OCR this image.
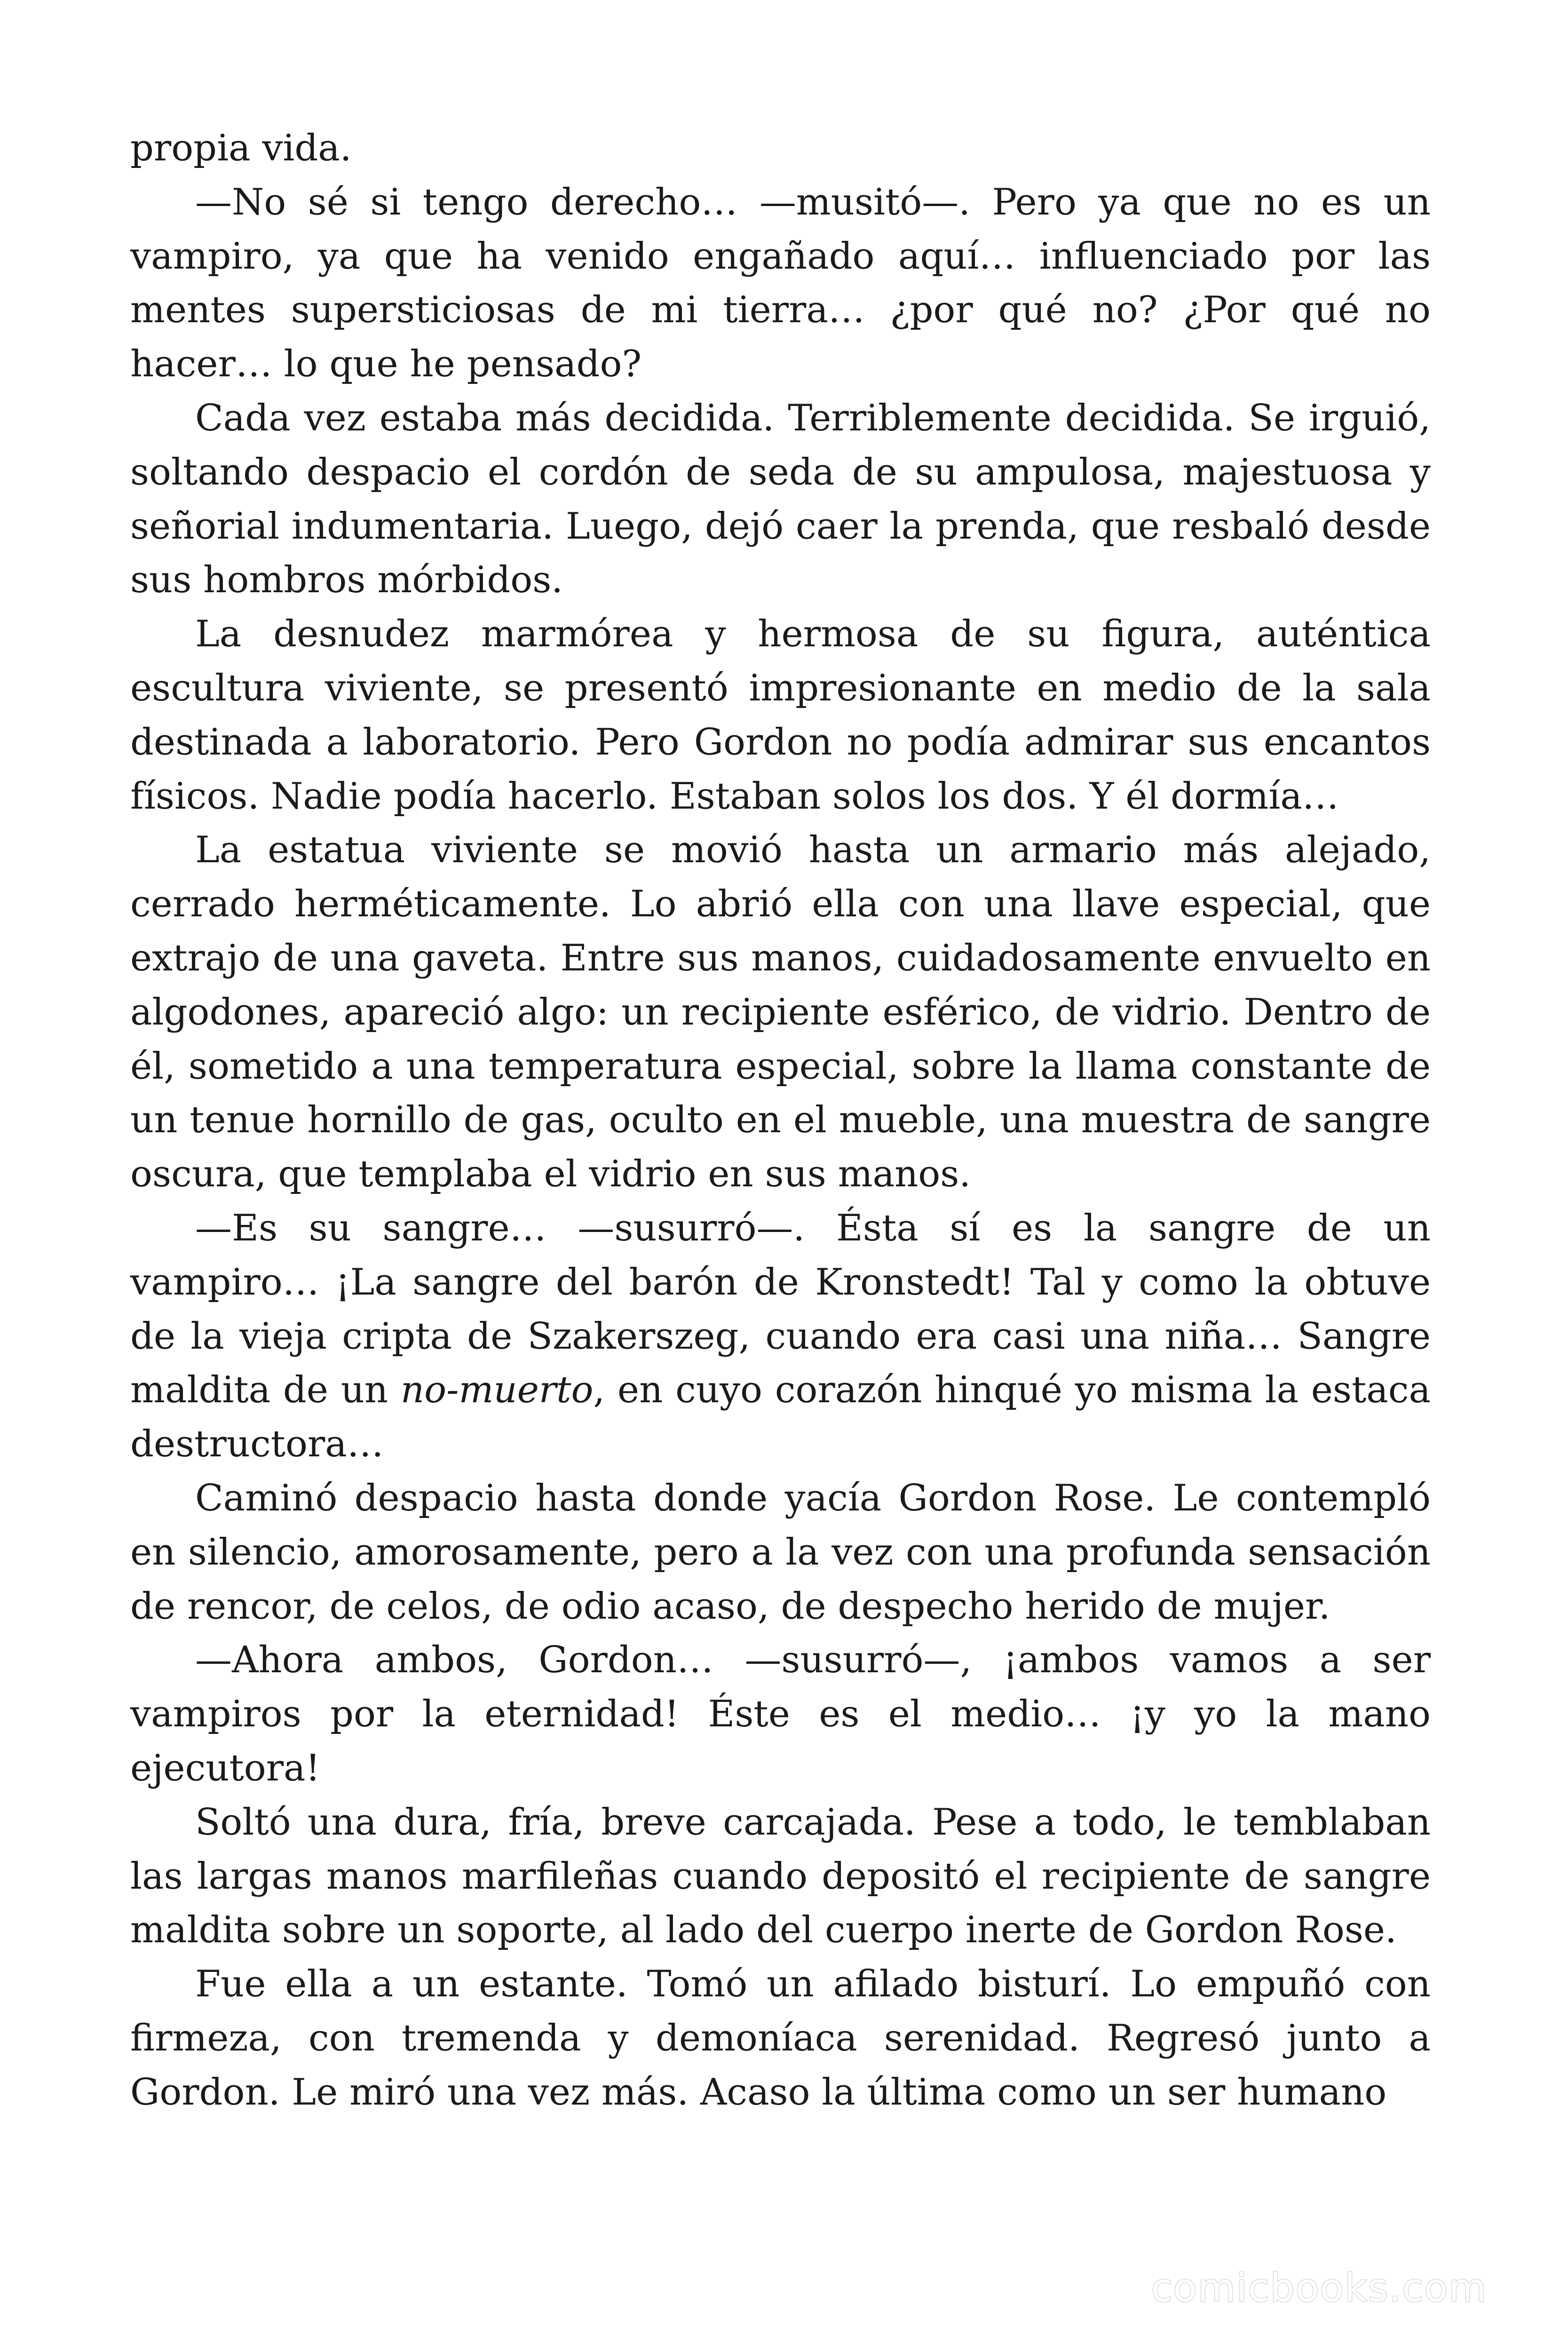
propia vida.

—No sé si tengo derecho… —musitó—. Pero ya que no es un vampiro, ya que ha venido engañado aquí… influenciado por las mentes supersticiosas de mi tierra… ¿por qué no? ¿Por qué no hacer… lo que he pensado?

Cada vez estaba más decidida. Terriblemente decidida. Se irguió, soltando despacio el cordón de seda de su ampulosa, majestuosa y señorial indumentaria. Luego, dejó caer la prenda, que resbaló desde sus hombros mórbidos.

La desnudez marmórea y hermosa de su figura, auténtica escultura viviente, se presentó impresionante en medio de la sala destinada a laboratorio. Pero Gordon no podía admirar sus encantos físicos. Nadie podía hacerlo. Estaban solos los dos. Y él dormía…

La estatua viviente se movió hasta un armario más alejado, cerrado herméticamente. Lo abrió ella con una llave especial, que extrajo de una gaveta. Entre sus manos, cuidadosamente envuelto en algodones, apareció algo: un recipiente esférico, de vidrio. Dentro de él, sometido a una temperatura especial, sobre la llama constante de un tenue hornillo de gas, oculto en el mueble, una muestra de sangre oscura, que templaba el vidrio en sus manos.

—Es su sangre… —susurró—. Ésta sí es la sangre de un vampiro… ¡La sangre del barón de Kronstedt! Tal y como la obtuve de la vieja cripta de Szakerszeg, cuando era casi una niña… Sangre maldita de un no-muerto, en cuyo corazón hinqué yo misma la estaca destructora…

Caminó despacio hasta donde yacía Gordon Rose. Le contempló en silencio, amorosamente, pero a la vez con una profunda sensación de rencor, de celos, de odio acaso, de despecho herido de mujer.

—Ahora ambos, Gordon… —susurró—, ¡ambos vamos a ser vampiros por la eternidad! Éste es el medio… ¡y yo la mano ejecutora!

Soltó una dura, fría, breve carcajada. Pese a todo, le temblaban las largas manos marfileñas cuando depositó el recipiente de sangre maldita sobre un soporte, al lado del cuerpo inerte de Gordon Rose.

Fue ella a un estante. Tomó un afilado bisturí. Lo empuñó con firmeza, con tremenda y demoníaca serenidad. Regresó junto a Gordon. Le miró una vez más. Acaso la última como un ser humano

comicbooks.com
